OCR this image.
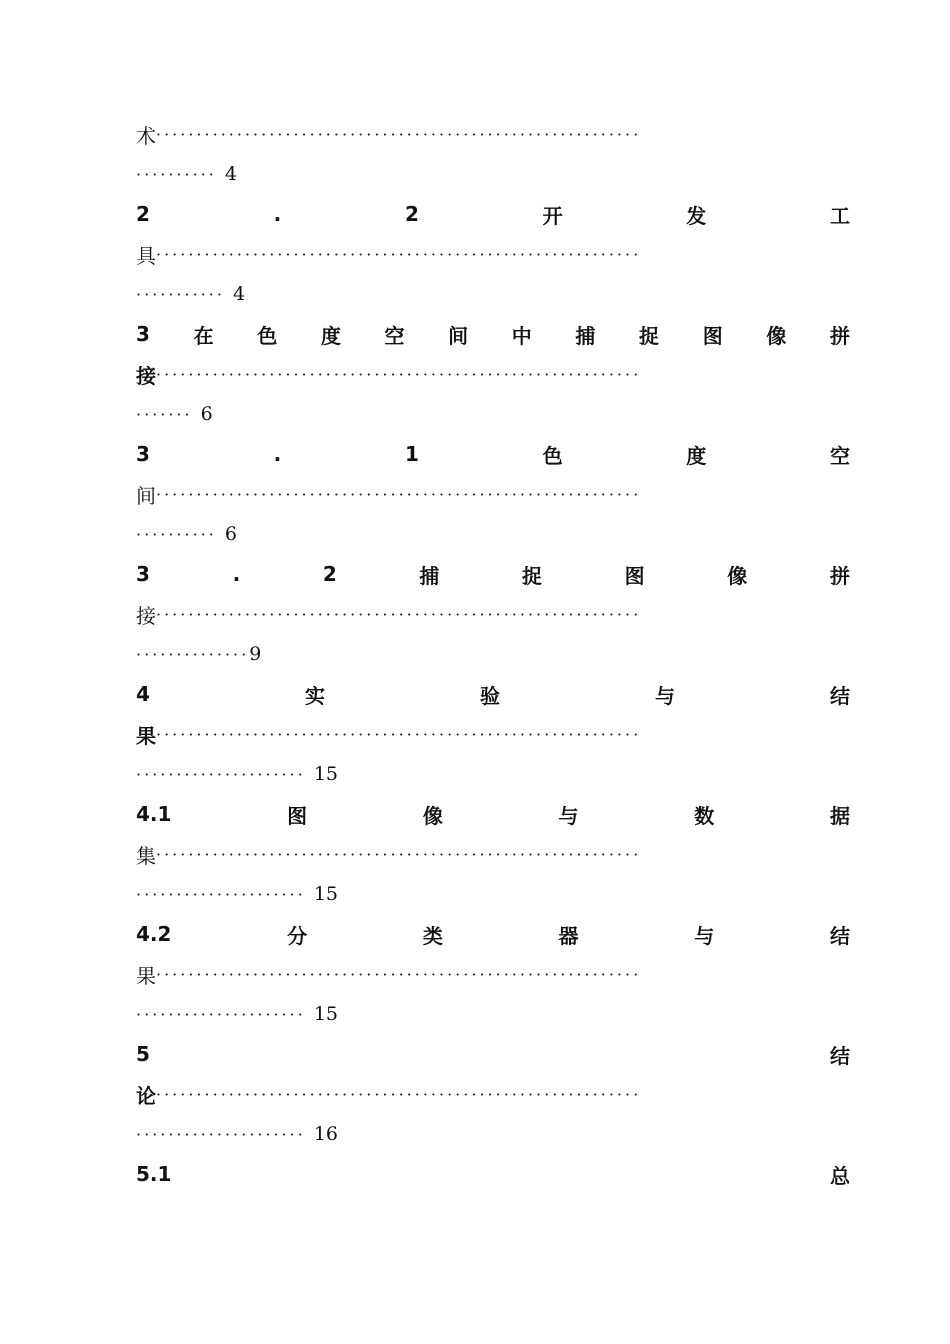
术 ····························································
·········· 4
2	.	2	开	发	工
具 ····························································
··········· 4
3 在 色 度 空 间 中 捕 捉 图 像 拼
接 ····························································
······· 6
3	.	1	色	度	空
间 ····························································
·········· 6
3	.	2	捕	捉	图	像	拼
接 ····························································
·············· 9
4	实	验	与	结
果 ····························································
····················· 15
4.1	图	像	与	数	据
集 ····························································
····················· 15
4.2	分	类	器	与	结
果 ····························································
····················· 15
5	结
论 ····························································
····················· 16
5.1	总
